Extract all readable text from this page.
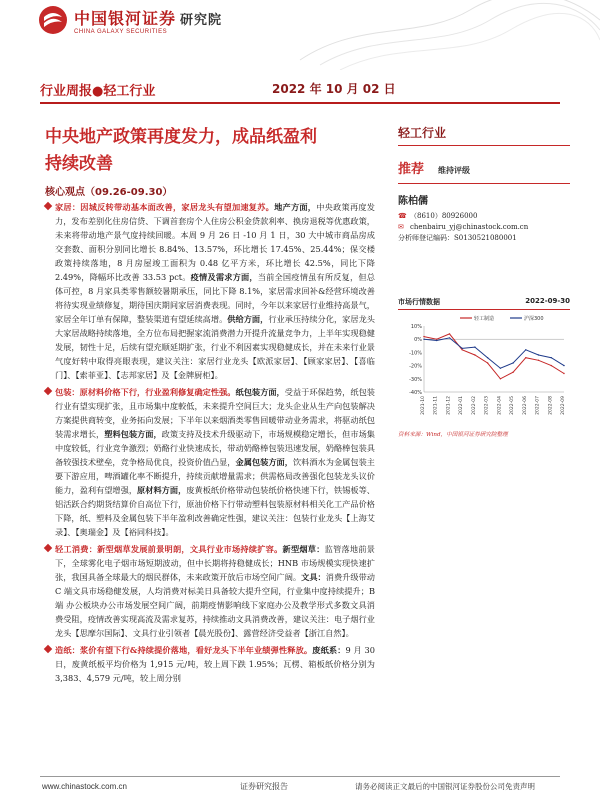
中国银河证券 研究院
CHINA GALAXY SECURITIES
行业周报●轻工行业	2022 年 10 月 02 日
中央地产政策再度发力，成品纸盈利
持续改善
核心观点（09.26-09.30）
家居：因城反转带动基本面改善，家居龙头有望加速复苏。地产方面，中央政策再度发力，发布差别化住房信贷、下调首套房个人住房公积金贷款利率、换房退税等优惠政策，未来将带动地产景气度持续回暖。本周 9 月 26 日 -10 月 1 日，30 大中城市商品房成交套数、面积分别同比增长 8.84%、13.57%，环比增长 17.45%、25.44%；保交楼政策持续落地，8 月房屋竣工面积为 0.48 亿平方米，环比增长 42.5%，同比下降 2.49%，降幅环比改善 33.53 pct。疫情及需求方面，当前全国疫情虽有所反复，但总体可控，8 月家具类零售额较暑期承压，同比下降 8.1%，家居需求回补&经营环境改善将待实现业绩修复，期待国庆期间家居消费表现。同时，今年以来家居行业维持高景气，家居全年订单有保障，整装渠道有望延续高增。供给方面，行业承压持续分化，家居龙头大家居战略持续落地，全方位布局把握家流消费潜力开提升流量竞争力，上半年实现稳健发展，韧性十足，后续有望充顺延期扩张，行业不利因素实现稳健成长，并在未来行业景气度好转中取得亮眼表现，建议关注：家居行业龙头【欧派家居】、【顾家家居】、【喜临门】、【索菲亚】、【志邦家居】及【金牌厨柜】。
包装：原材料价格下行，行业盈利修复确定性强。纸包装方面，受益于环保趋势，纸包装行业有望实现扩张，且市场集中度較低，未来提升空间巨大；龙头企业从生产向包装解决方案提供商转变，业务拓向发展；下半年以来烟酒类零售回暖带动业务需求，将驱动纸包装需求增长，塑料包装方面，政策支持及技术升级驱动下，市场规模稳定增长，但市场集中度较低，行业竞争激烈；奶酪行业快速成长，带动奶酪棒包装迅速发展，奶酪棒包装具备较强技术壁垒，竞争格局优良，投资价值凸显，金属包装方面，饮料酒水为金属包装主要下游应用，啤酒罐化率不断提升，持续贡献增量需求；供需格局改善强化包装龙头议价能力，盈利有望增强，原材料方面，废黄板纸价格带动包装纸价格快速下行，铁锡板等、铝活跃合约期货结算价自高位下行，原油价格下行带动塑料包装原材料相关化工产品价格下降，纸、塑料及金属包装下半年盈利改善确定性强，建议关注：包装行业龙头【上海艾录】、【奥瑞金】及【裕同科技】。
轻工消费：新型烟草发展前景明朗，文具行业市场持续扩容。新型烟草：监管落地前景下，全球雾化电子烟市场短期波动，但中长期将持稳健成长；HNB 市场规模实现快速扩张，我国具备全球最大的烟民群体，未来政策开放后市场空间广阔。文具：消费升级带动 C 端文具市场稳健发展，人均消费对标美日具备较大提升空间，行业集中度持续提升；B 端 办公板块办公市场发展空间广阔，前期疫情影响线下家庭办公及教学形式多数文具消费受阻，疫情改善实现高流及需求复苏，持续推动文具消费改善，建议关注：电子烟行业龙头【思摩尔国际】、文具行业引领者【晨光股份】、露营经济受益者【浙江自然】。
造纸：浆价有望下行&持续提价落地，看好龙头下半年业绩弹性释放。废纸系：9 月 30 日，废黄纸板平均价格为 1,915 元/吨，较上周下跌 1.95%；瓦楞、箱板纸价格分别为 3,383、4,579 元/吨，较上周分别
轻工行业
推荐 维持评级
陈柏儒
☎ （8610）80926000
✉ chenbairu_yj@chinastock.com.cn
分析师登记编码：S0130521080001
市场行情数据	2022-09-30
10%
0%
-10%
-20%
-30%
-40%
2021-10 2021-11 2021-12 2022-01 2022-02 2022-03 2022-04 2022-05 2022-06 2022-07 2022-08 2022-09
轻工制造	沪深300
资料来源：Wind，中国银河证券研究院整理
www.chinastock.com.cn	证券研究报告	请务必阅读正文最后的中国银河证券股份公司免责声明
